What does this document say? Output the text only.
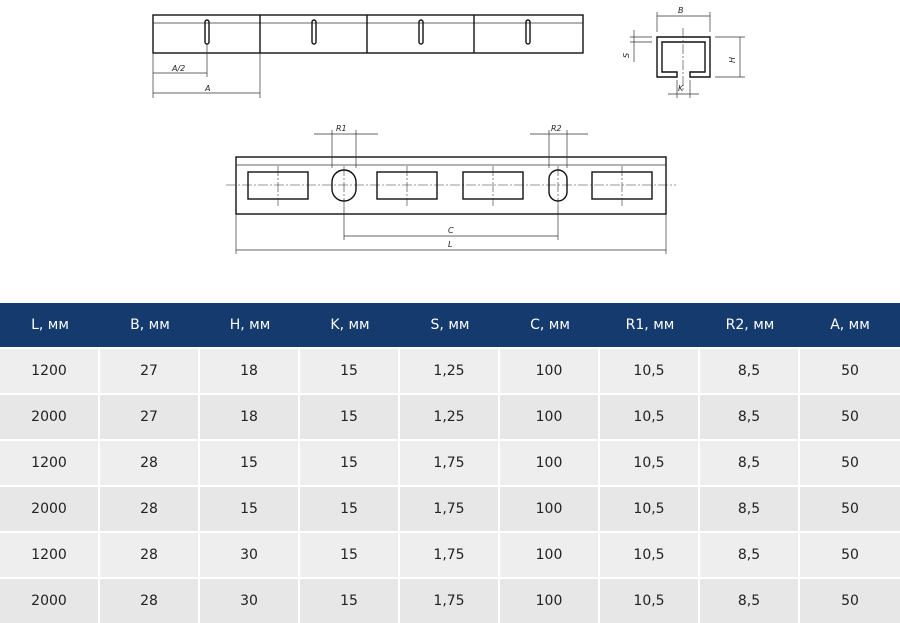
A/2
A
B
H
S
K
R1	R2
C
L
L, мм	B, мм	H, мм	K, мм	S, мм	C, мм	R1, мм	R2, мм	A, мм
1200	27	18	15	1,25	100	10,5	8,5	50
2000	27	18	15	1,25	100	10,5	8,5	50
1200	28	15	15	1,75	100	10,5	8,5	50
2000	28	15	15	1,75	100	10,5	8,5	50
1200	28	30	15	1,75	100	10,5	8,5	50
2000	28	30	15	1,75	100	10,5	8,5	50
